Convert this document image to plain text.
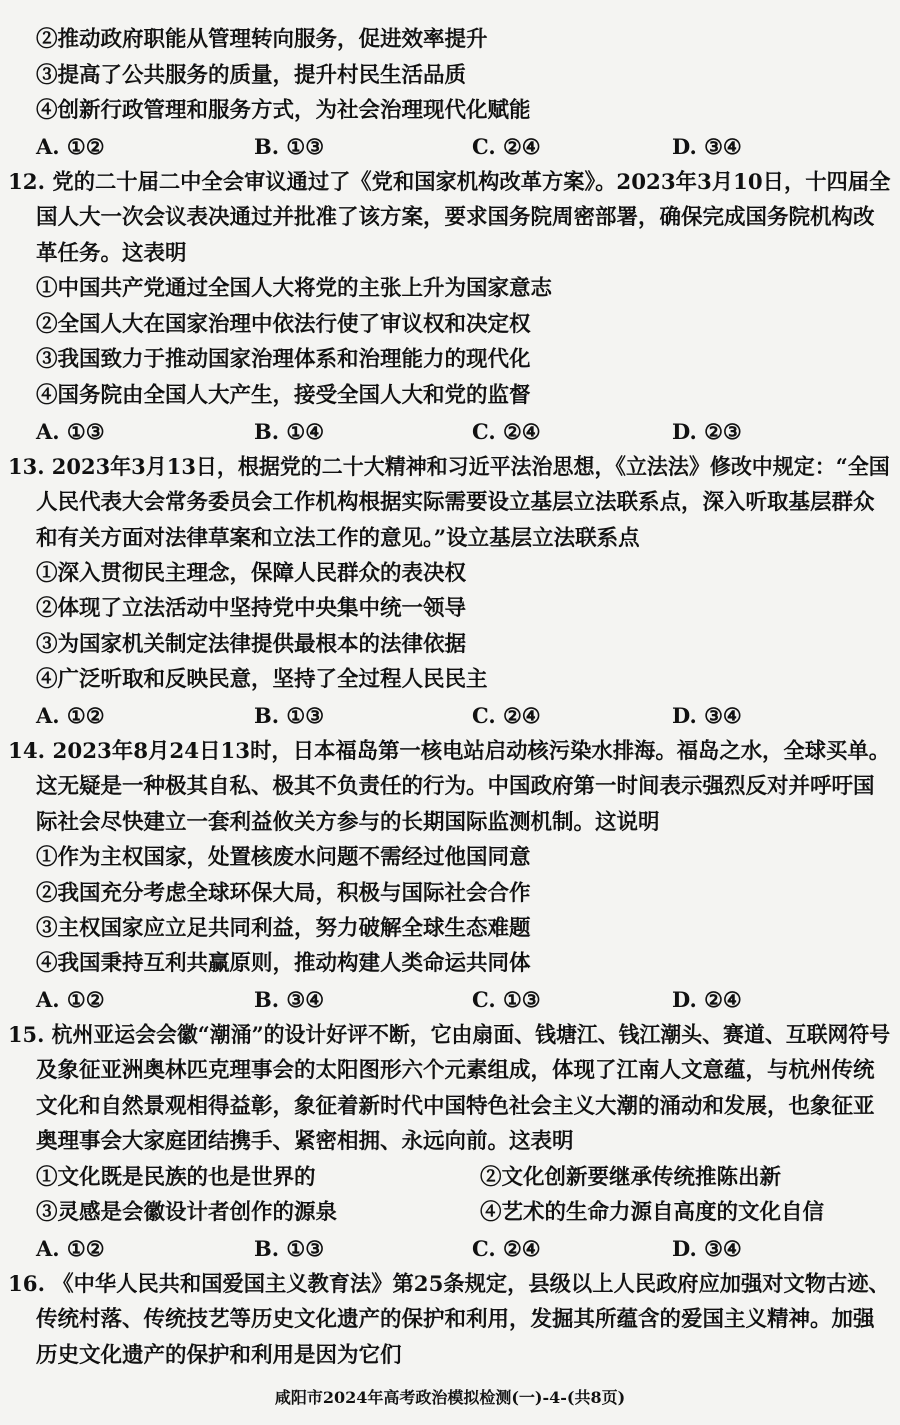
②推动政府职能从管理转向服务，促进效率提升
③提高了公共服务的质量，提升村民生活品质
④创新行政管理和服务方式，为社会治理现代化赋能
A. ①②	B. ①③	C. ②④	D. ③④
12. 党的二十届二中全会审议通过了《党和国家机构改革方案》。2023年3月10日，十四届全
国人大一次会议表决通过并批准了该方案，要求国务院周密部署，确保完成国务院机构改
革任务。这表明
①中国共产党通过全国人大将党的主张上升为国家意志
②全国人大在国家治理中依法行使了审议权和决定权
③我国致力于推动国家治理体系和治理能力的现代化
④国务院由全国人大产生，接受全国人大和党的监督
A. ①③	B. ①④	C. ②④	D. ②③
13. 2023年3月13日，根据党的二十大精神和习近平法治思想，《立法法》修改中规定：“全国
人民代表大会常务委员会工作机构根据实际需要设立基层立法联系点，深入听取基层群众
和有关方面对法律草案和立法工作的意见。”设立基层立法联系点
①深入贯彻民主理念，保障人民群众的表决权
②体现了立法活动中坚持党中央集中统一领导
③为国家机关制定法律提供最根本的法律依据
④广泛听取和反映民意，坚持了全过程人民民主
A. ①②	B. ①③	C. ②④	D. ③④
14. 2023年8月24日13时，日本福岛第一核电站启动核污染水排海。福岛之水，全球买单。
这无疑是一种极其自私、极其不负责任的行为。中国政府第一时间表示强烈反对并呼吁国
际社会尽快建立一套利益攸关方参与的长期国际监测机制。这说明
①作为主权国家，处置核废水问题不需经过他国同意
②我国充分考虑全球环保大局，积极与国际社会合作
③主权国家应立足共同利益，努力破解全球生态难题
④我国秉持互利共赢原则，推动构建人类命运共同体
A. ①②	B. ③④	C. ①③	D. ②④
15. 杭州亚运会会徽“潮涌”的设计好评不断，它由扇面、钱塘江、钱江潮头、赛道、互联网符号
及象征亚洲奥林匹克理事会的太阳图形六个元素组成，体现了江南人文意蕴，与杭州传统
文化和自然景观相得益彰，象征着新时代中国特色社会主义大潮的涌动和发展，也象征亚
奥理事会大家庭团结携手、紧密相拥、永远向前。这表明
①文化既是民族的也是世界的	②文化创新要继承传统推陈出新
③灵感是会徽设计者创作的源泉	④艺术的生命力源自高度的文化自信
A. ①②	B. ①③	C. ②④	D. ③④
16. 《中华人民共和国爱国主义教育法》第25条规定，县级以上人民政府应加强对文物古迹、
传统村落、传统技艺等历史文化遗产的保护和利用，发掘其所蕴含的爱国主义精神。加强
历史文化遗产的保护和利用是因为它们
咸阳市2024年高考政治模拟检测(一)-4-(共8页)
